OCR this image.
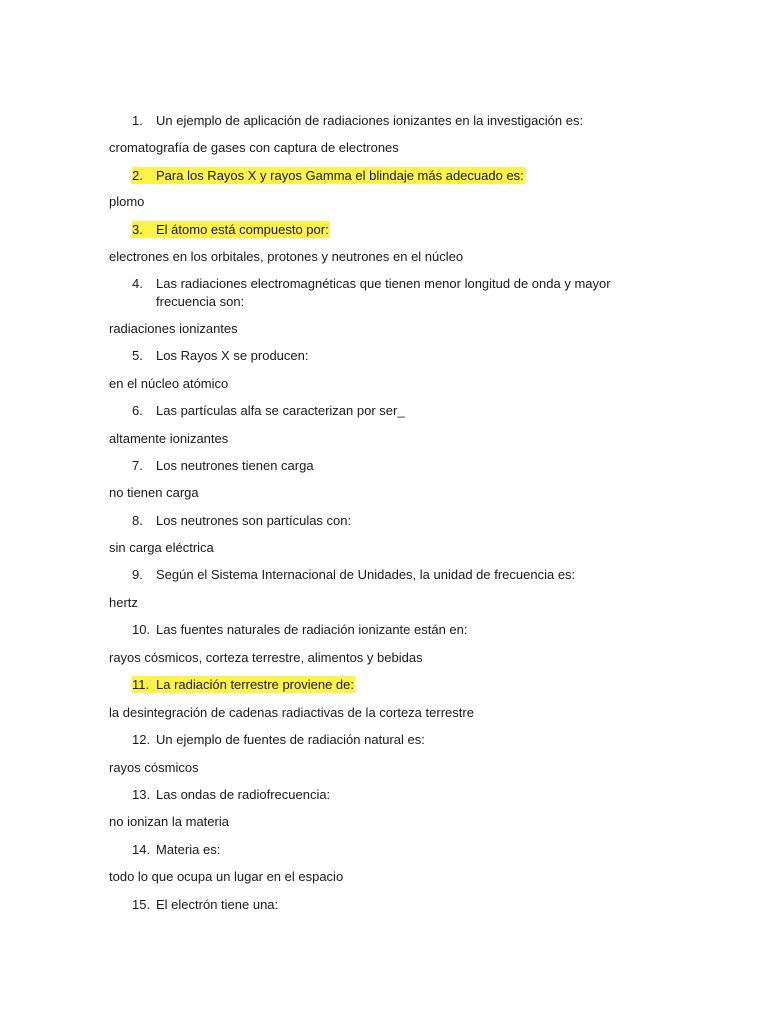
1. Un ejemplo de aplicación de radiaciones ionizantes en la investigación es:
cromatografía de gases con captura de electrones
2. Para los Rayos X y rayos Gamma el blindaje más adecuado es:
plomo
3. El átomo está compuesto por:
electrones en los orbitales, protones y neutrones en el núcleo
4. Las radiaciones electromagnéticas que tienen menor longitud de onda y mayor
frecuencia son:
radiaciones ionizantes
5. Los Rayos X se producen:
en el núcleo atómico
6. Las partículas alfa se caracterizan por ser_
altamente ionizantes
7. Los neutrones tienen carga
no tienen carga
8. Los neutrones son partículas con:
sin carga eléctrica
9. Según el Sistema Internacional de Unidades, la unidad de frecuencia es:
hertz
10. Las fuentes naturales de radiación ionizante están en:
rayos cósmicos, corteza terrestre, alimentos y bebidas
11. La radiación terrestre proviene de:
la desintegración de cadenas radiactivas de la corteza terrestre
12. Un ejemplo de fuentes de radiación natural es:
rayos cósmicos
13. Las ondas de radiofrecuencia:
no ionizan la materia
14. Materia es:
todo lo que ocupa un lugar en el espacio
15. El electrón tiene una:
